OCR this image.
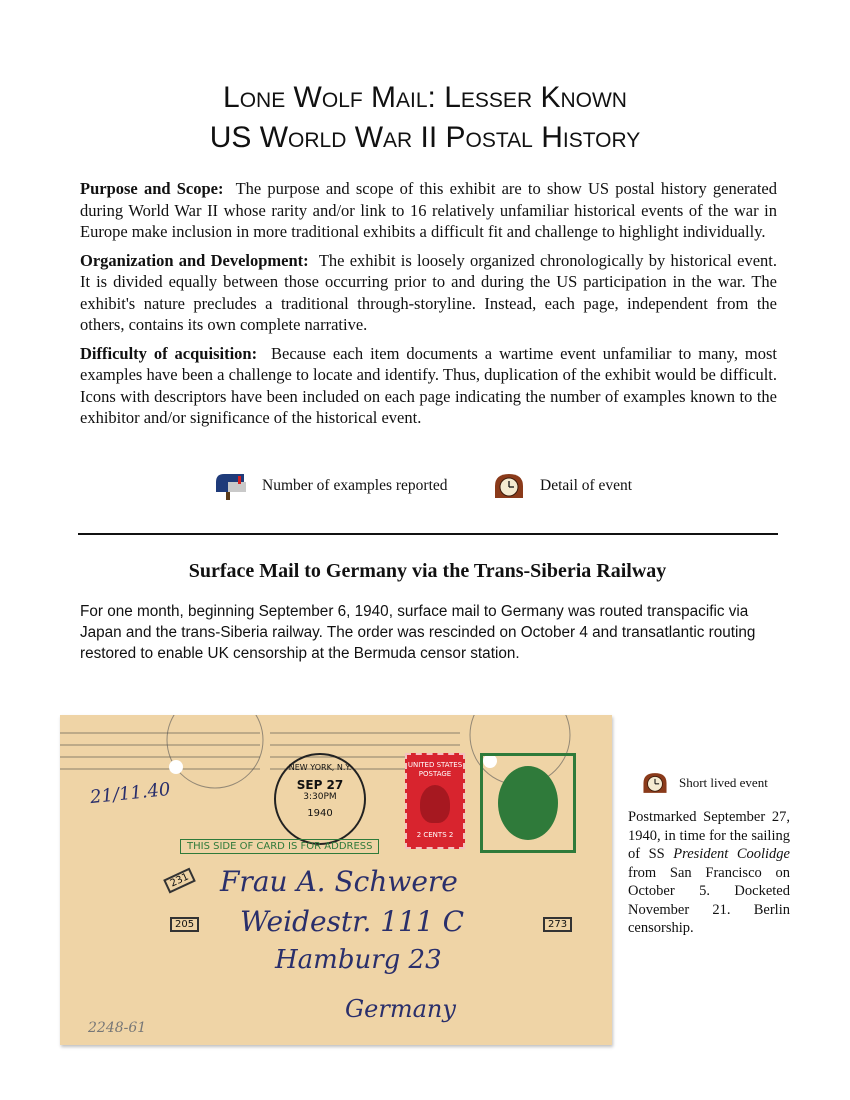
Lone Wolf Mail: Lesser Known
US World War II Postal History

Purpose and Scope: The purpose and scope of this exhibit are to show US postal history generated during World War II whose rarity and/or link to 16 relatively unfamiliar historical events of the war in Europe make inclusion in more traditional exhibits a difficult fit and challenge to highlight individually.

Organization and Development: The exhibit is loosely organized chronologically by historical event. It is divided equally between those occurring prior to and during the US participation in the war. The exhibit's nature precludes a traditional through-storyline. Instead, each page, independent from the others, contains its own complete narrative.

Difficulty of acquisition: Because each item documents a wartime event unfamiliar to many, most examples have been a challenge to locate and identify. Thus, duplication of the exhibit would be difficult. Icons with descriptors have been included on each page indicating the number of examples known to the exhibitor and/or significance of the historical event.

Number of examples reported	Detail of event
Surface Mail to Germany via the Trans-Siberia Railway
For one month, beginning September 6, 1940, surface mail to Germany was routed transpacific via Japan and the trans-Siberia railway. The order was rescinded on October 4 and transatlantic routing restored to enable UK censorship at the Bermuda censor station.
21/11.40
NEW YORK, N.Y.
SEP 27
3:30PM
1940
UNITED STATES POSTAGE
2 CENTS 2
THIS SIDE OF CARD IS FOR ADDRESS
231
205	273
Frau A. Schwere
Weidestr. 111 C
Hamburg 23
Germany
2248-61
Short lived event
Postmarked September 27, 1940, in time for the sailing of SS President Coolidge from San Francisco on October 5. Docketed November 21. Berlin censorship.
